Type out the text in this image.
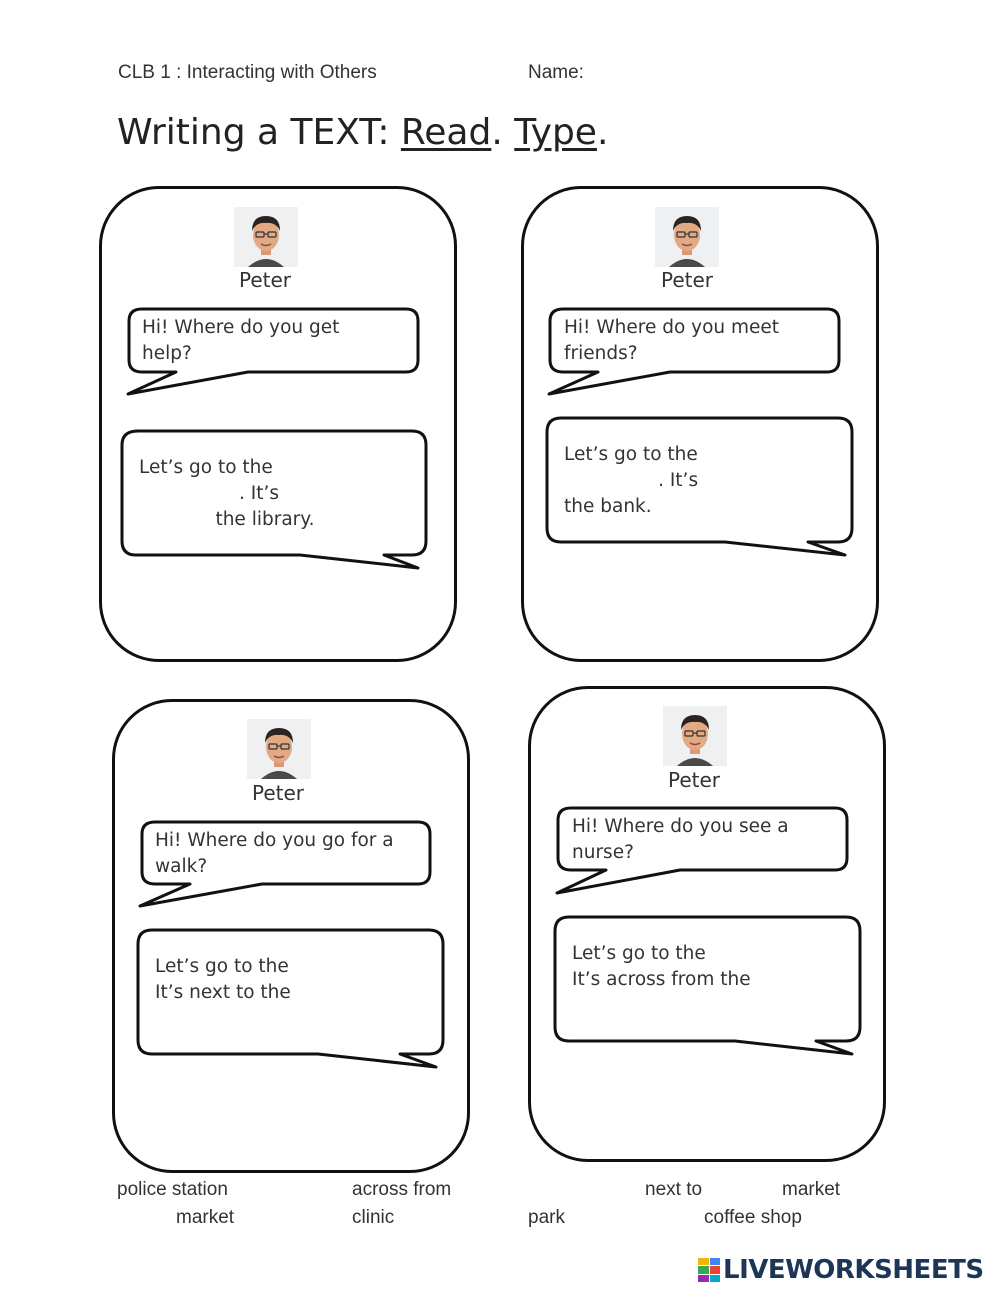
CLB 1 : Interacting with Others	Name:
Writing a TEXT: Read. Type.
Peter
Hi! Where do you get
help?
Let’s go to the
. It’s
the library.
Peter
Hi! Where do you meet
friends?
Let’s go to the
. It’s
the bank.
Peter
Hi! Where do you go for a
walk?
Let’s go to the
It’s next to the
Peter
Hi! Where do you see a
nurse?
Let’s go to the
It’s across from the
police station	across from	next to	market
market	clinic	park	coffee shop
LIVEWORKSHEETS
